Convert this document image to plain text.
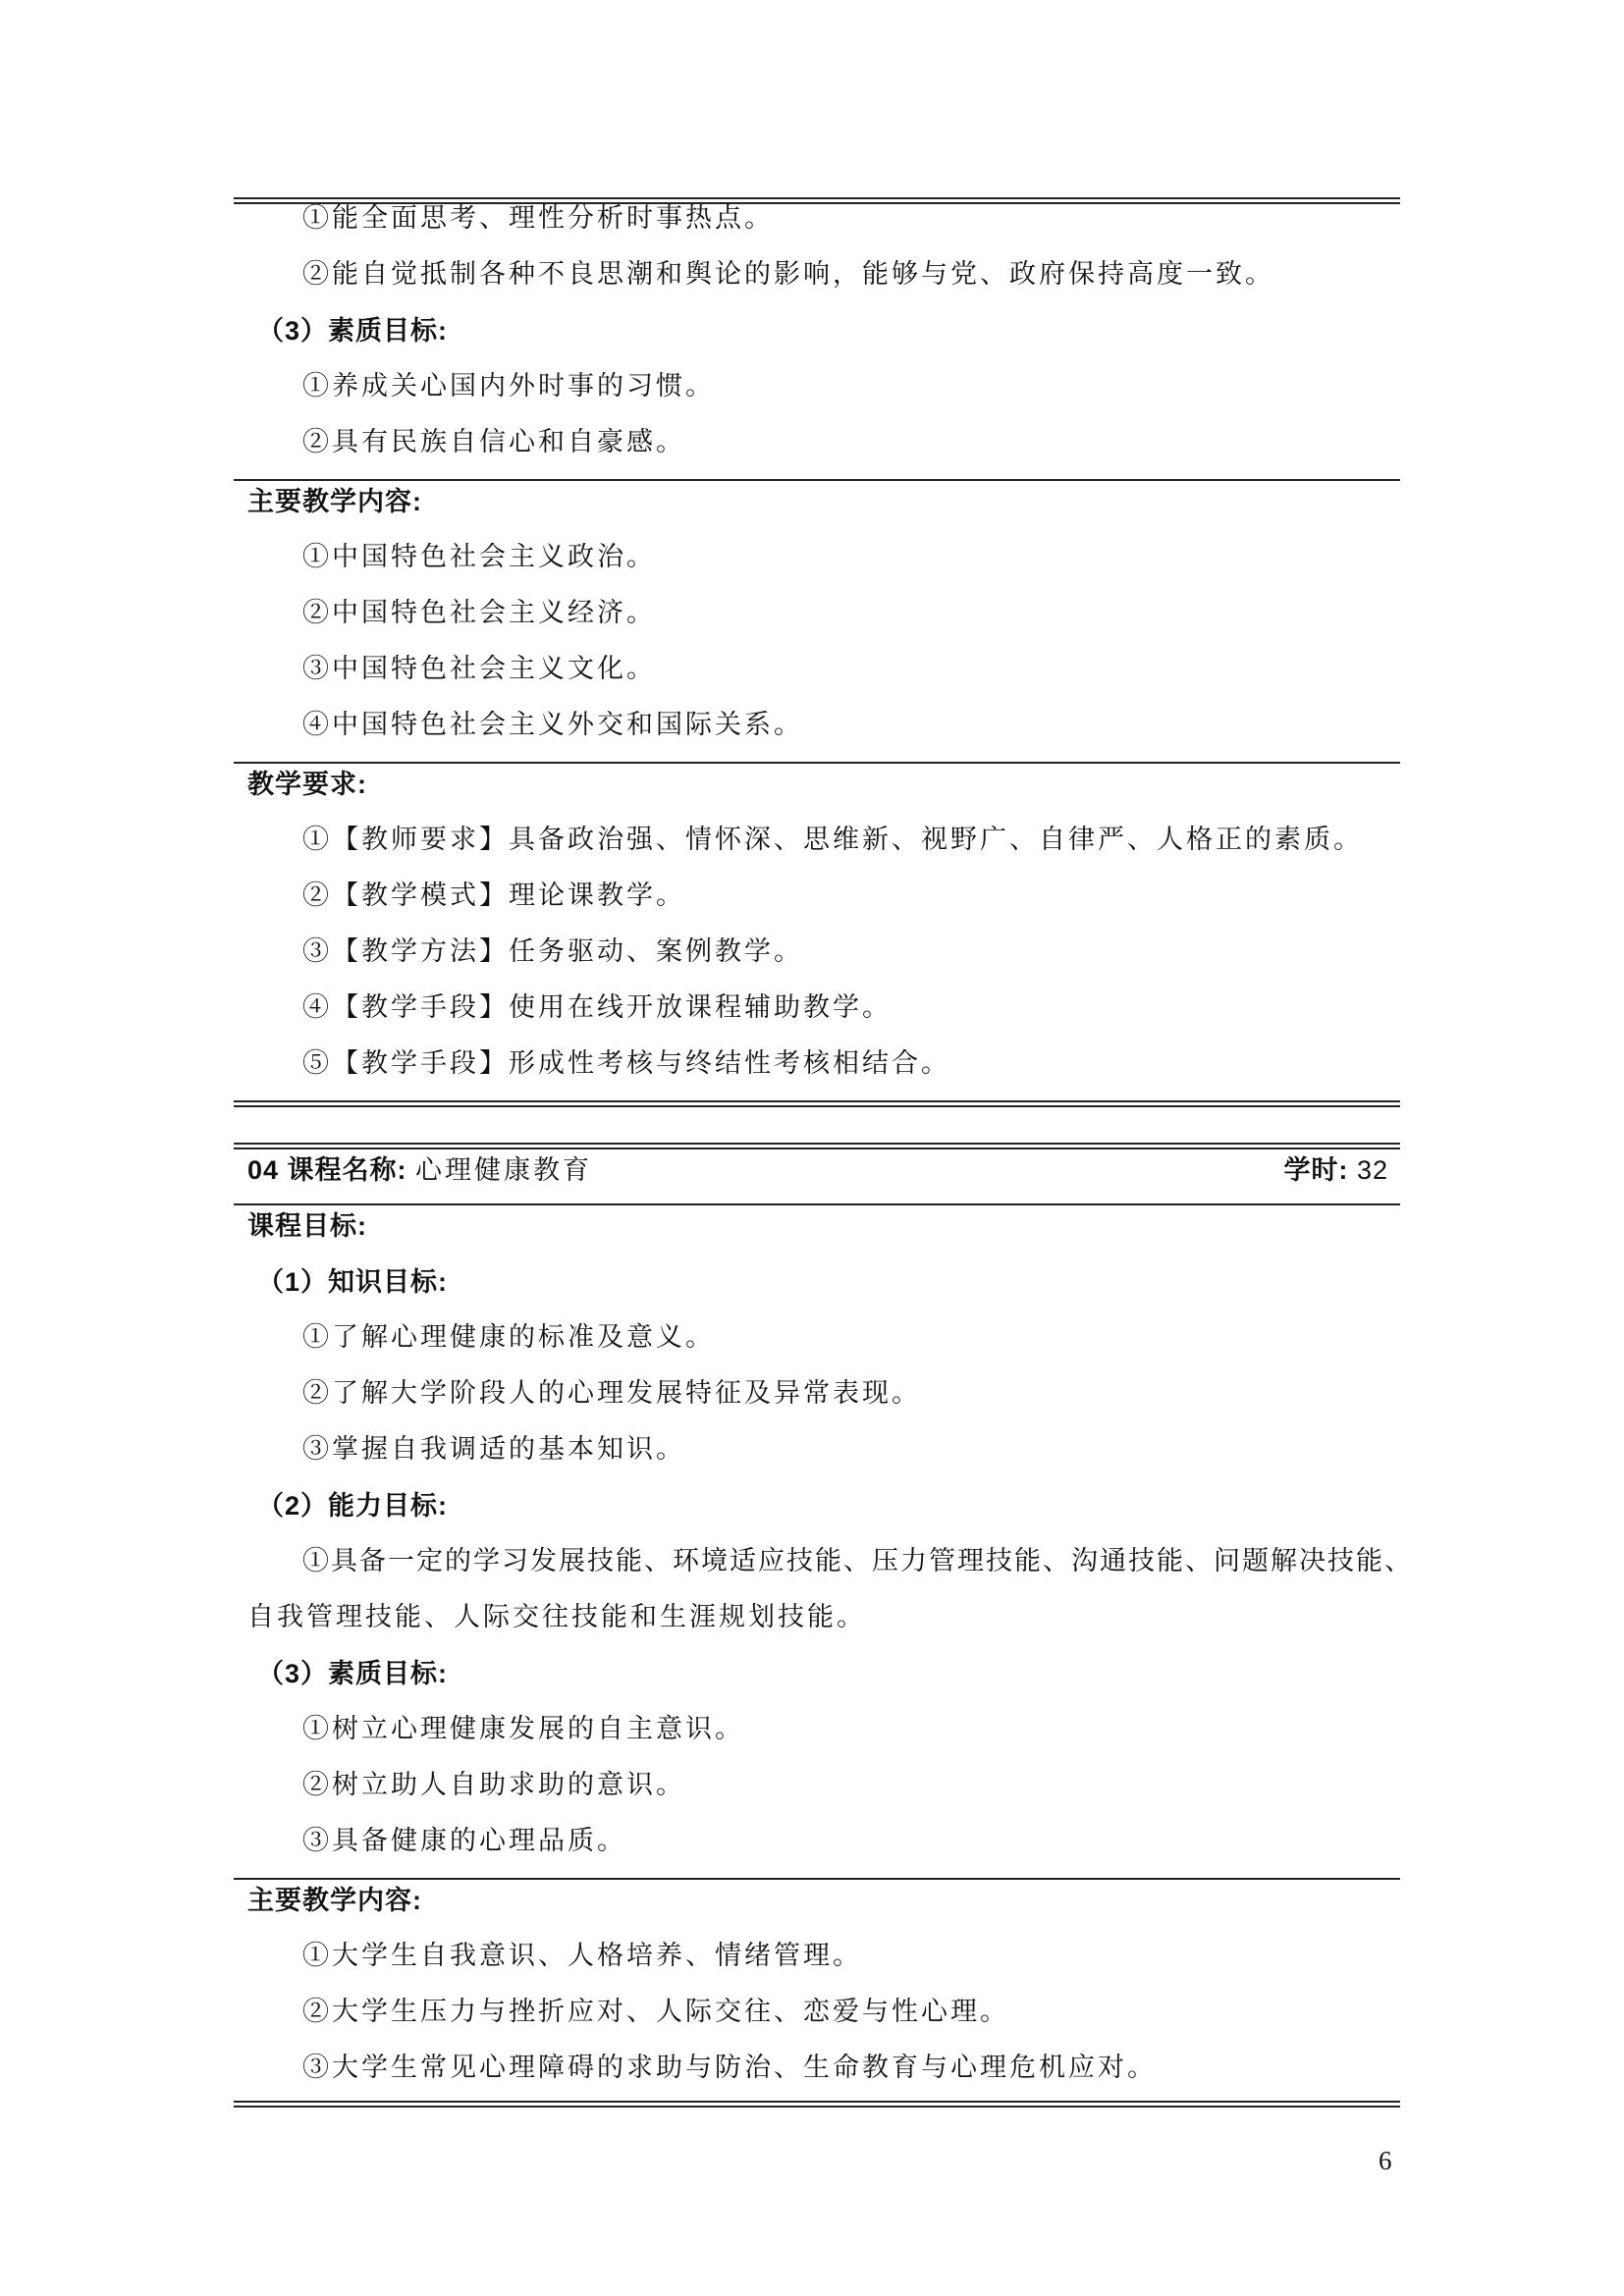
①能全面思考、理性分析时事热点。
②能自觉抵制各种不良思潮和舆论的影响，能够与党、政府保持高度一致。
（3）素质目标:
①养成关心国内外时事的习惯。
②具有民族自信心和自豪感。
主要教学内容:
①中国特色社会主义政治。
②中国特色社会主义经济。
③中国特色社会主义文化。
④中国特色社会主义外交和国际关系。
教学要求:
①【教师要求】具备政治强、情怀深、思维新、视野广、自律严、人格正的素质。
②【教学模式】理论课教学。
③【教学方法】任务驱动、案例教学。
④【教学手段】使用在线开放课程辅助教学。
⑤【教学手段】形成性考核与终结性考核相结合。
04 课程名称: 心理健康教育	学时: 32
课程目标:
（1）知识目标:
①了解心理健康的标准及意义。
②了解大学阶段人的心理发展特征及异常表现。
③掌握自我调适的基本知识。
（2）能力目标:
①具备一定的学习发展技能、环境适应技能、压力管理技能、沟通技能、问题解决技能、
自我管理技能、人际交往技能和生涯规划技能。
（3）素质目标:
①树立心理健康发展的自主意识。
②树立助人自助求助的意识。
③具备健康的心理品质。
主要教学内容:
①大学生自我意识、人格培养、情绪管理。
②大学生压力与挫折应对、人际交往、恋爱与性心理。
③大学生常见心理障碍的求助与防治、生命教育与心理危机应对。
6
